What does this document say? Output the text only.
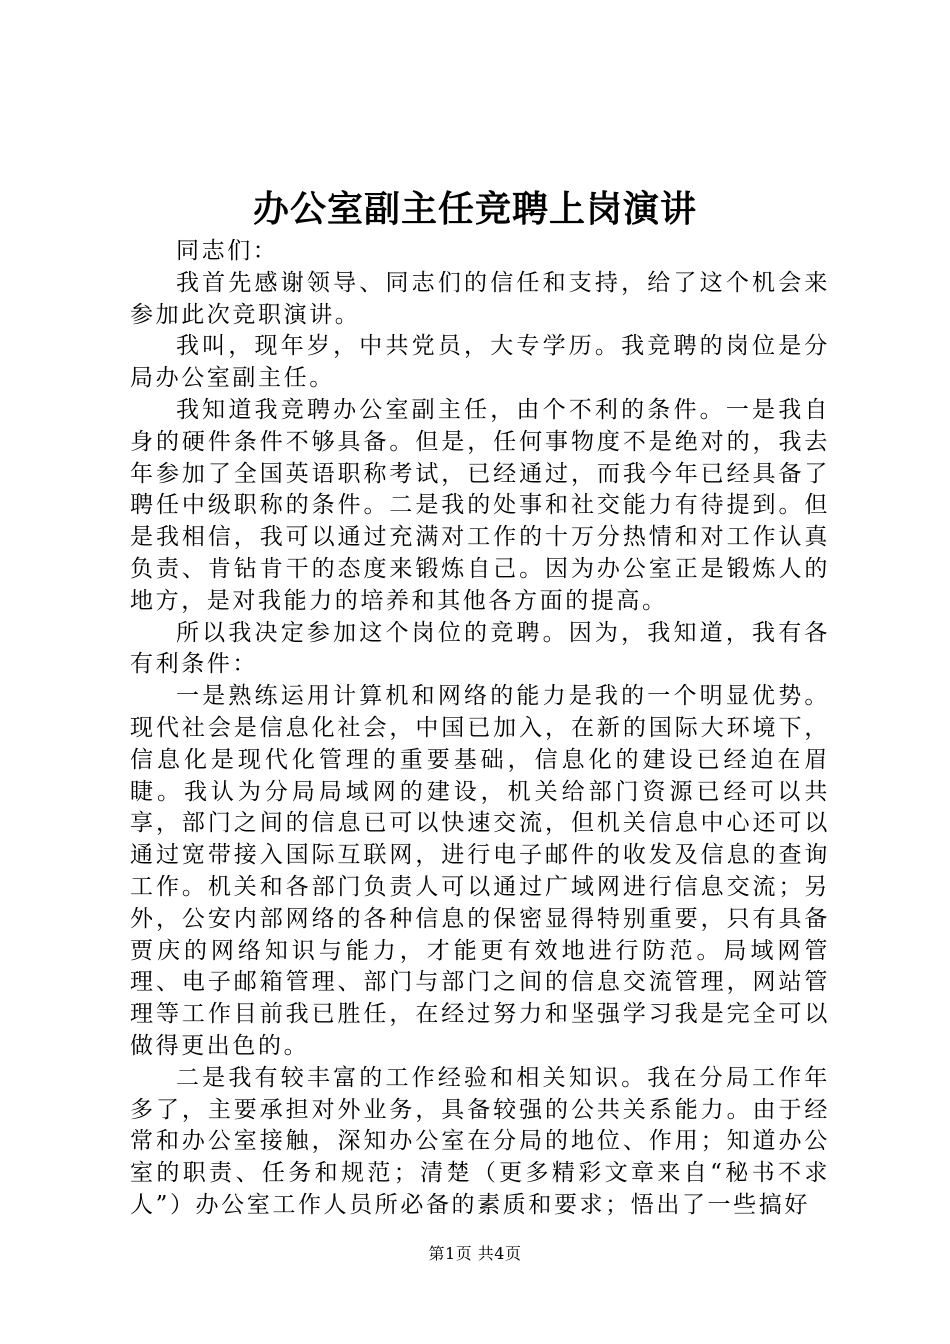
办公室副主任竞聘上岗演讲

同志们：

我首先感谢领导、同志们的信任和支持，给了这个机会来参加此次竞职演讲。

我叫，现年岁，中共党员，大专学历。我竞聘的岗位是分局办公室副主任。

我知道我竞聘办公室副主任，由个不利的条件。一是我自身的硬件条件不够具备。但是，任何事物度不是绝对的，我去年参加了全国英语职称考试，已经通过，而我今年已经具备了聘任中级职称的条件。二是我的处事和社交能力有待提到。但是我相信，我可以通过充满对工作的十万分热情和对工作认真负责、肯钻肯干的态度来锻炼自己。因为办公室正是锻炼人的地方，是对我能力的培养和其他各方面的提高。

所以我决定参加这个岗位的竞聘。因为，我知道，我有各有利条件：

一是熟练运用计算机和网络的能力是我的一个明显优势。现代社会是信息化社会，中国已加入，在新的国际大环境下，信息化是现代化管理的重要基础，信息化的建设已经迫在眉睫。我认为分局局域网的建设，机关给部门资源已经可以共享，部门之间的信息已可以快速交流，但机关信息中心还可以通过宽带接入国际互联网，进行电子邮件的收发及信息的查询工作。机关和各部门负责人可以通过广域网进行信息交流；另外，公安内部网络的各种信息的保密显得特别重要，只有具备贾庆的网络知识与能力，才能更有效地进行防范。局域网管理、电子邮箱管理、部门与部门之间的信息交流管理，网站管理等工作目前我已胜任，在经过努力和坚强学习我是完全可以做得更出色的。

二是我有较丰富的工作经验和相关知识。我在分局工作年多了，主要承担对外业务，具备较强的公共关系能力。由于经常和办公室接触，深知办公室在分局的地位、作用；知道办公室的职责、任务和规范；清楚（更多精彩文章来自“秘书不求人”）办公室工作人员所必备的素质和要求；悟出了一些搞好

第1页 共4页
